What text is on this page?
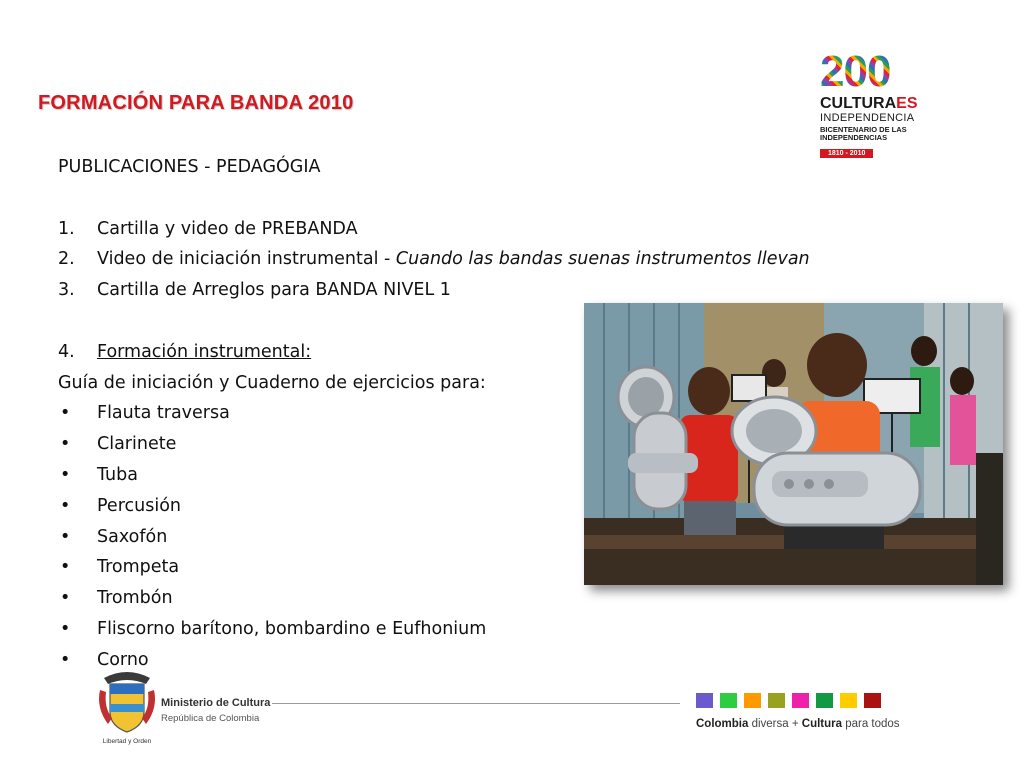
FORMACIÓN PARA BANDA 2010
PUBLICACIONES - PEDAGÓGIA
1. Cartilla y video de PREBANDA
2. Video de iniciación instrumental - Cuando las bandas suenas instrumentos llevan
3. Cartilla de Arreglos para BANDA NIVEL 1
4. Formación instrumental:
Guía de iniciación y Cuaderno de ejercicios para:
• Flauta traversa
• Clarinete
• Tuba
• Percusión
• Saxofón
• Trompeta
• Trombón
• Fliscorno barítono, bombardino e Eufhonium
• Corno
200
CULTURAES
INDEPENDENCIA
BICENTENARIO DE LAS
INDEPENDENCIAS
1810 - 2010
Libertad y Orden
Ministerio de Cultura
República de Colombia	Colombia diversa + Cultura para todos
